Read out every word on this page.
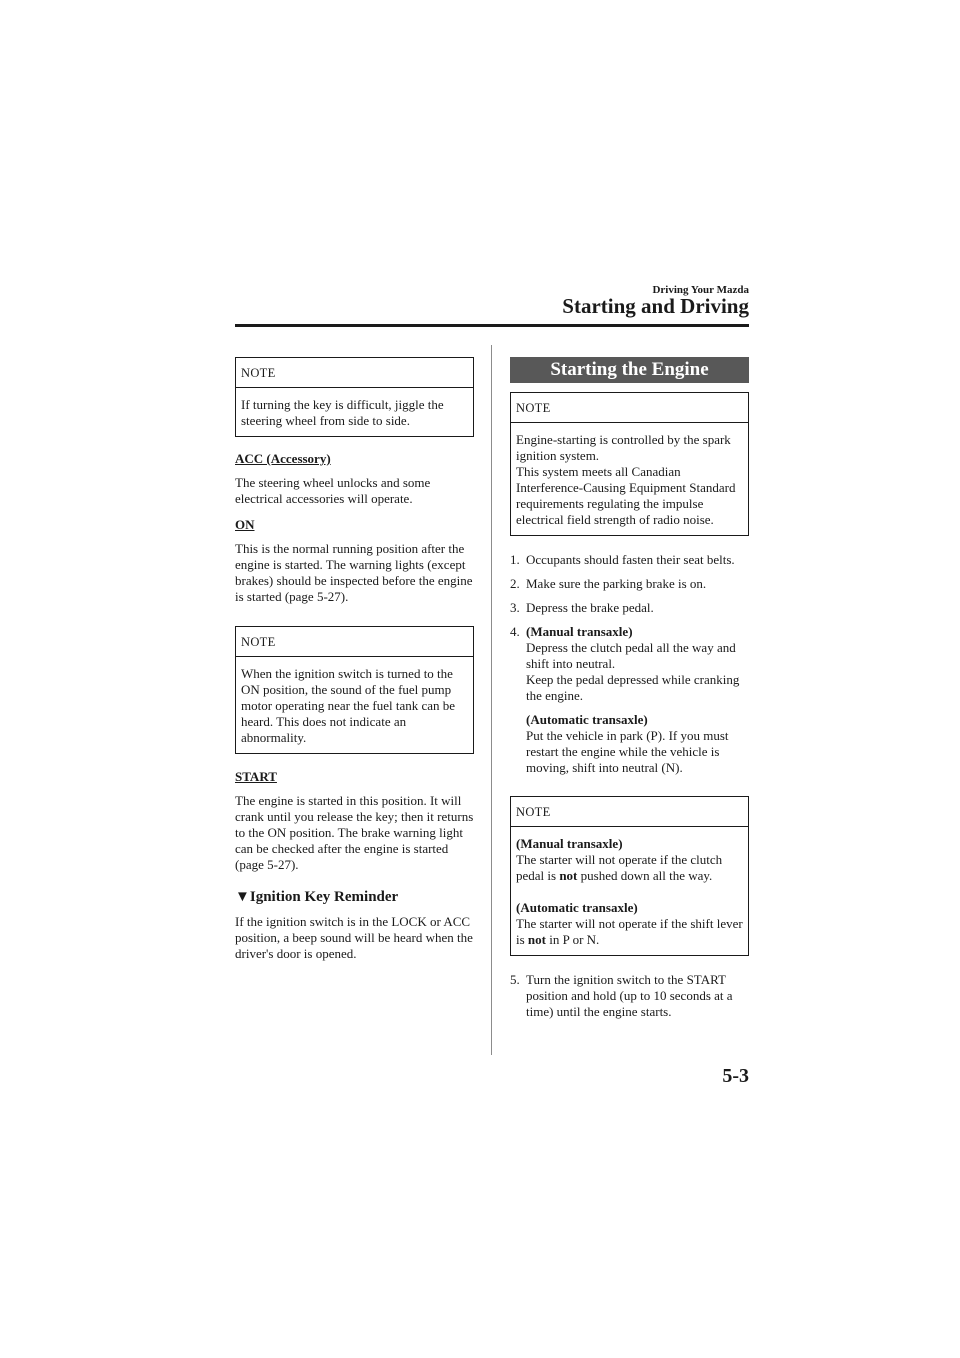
Driving Your Mazda
Starting and Driving
NOTE
If turning the key is difficult, jiggle the steering wheel from side to side.
ACC (Accessory)
The steering wheel unlocks and some electrical accessories will operate.
ON
This is the normal running position after the engine is started. The warning lights (except brakes) should be inspected before the engine is started (page 5-27).
NOTE
When the ignition switch is turned to the ON position, the sound of the fuel pump motor operating near the fuel tank can be heard. This does not indicate an abnormality.
START
The engine is started in this position. It will crank until you release the key; then it returns to the ON position. The brake warning light can be checked after the engine is started (page 5-27).
▼Ignition Key Reminder
If the ignition switch is in the LOCK or ACC position, a beep sound will be heard when the driver's door is opened.
Starting the Engine
NOTE
Engine-starting is controlled by the spark ignition system.
This system meets all Canadian Interference-Causing Equipment Standard requirements regulating the impulse electrical field strength of radio noise.
1. Occupants should fasten their seat belts.
2. Make sure the parking brake is on.
3. Depress the brake pedal.
4. (Manual transaxle)
Depress the clutch pedal all the way and shift into neutral.
Keep the pedal depressed while cranking the engine.
(Automatic transaxle)
Put the vehicle in park (P). If you must restart the engine while the vehicle is moving, shift into neutral (N).
NOTE
(Manual transaxle)
The starter will not operate if the clutch pedal is not pushed down all the way.
(Automatic transaxle)
The starter will not operate if the shift lever is not in P or N.
5. Turn the ignition switch to the START position and hold (up to 10 seconds at a time) until the engine starts.
5-3
